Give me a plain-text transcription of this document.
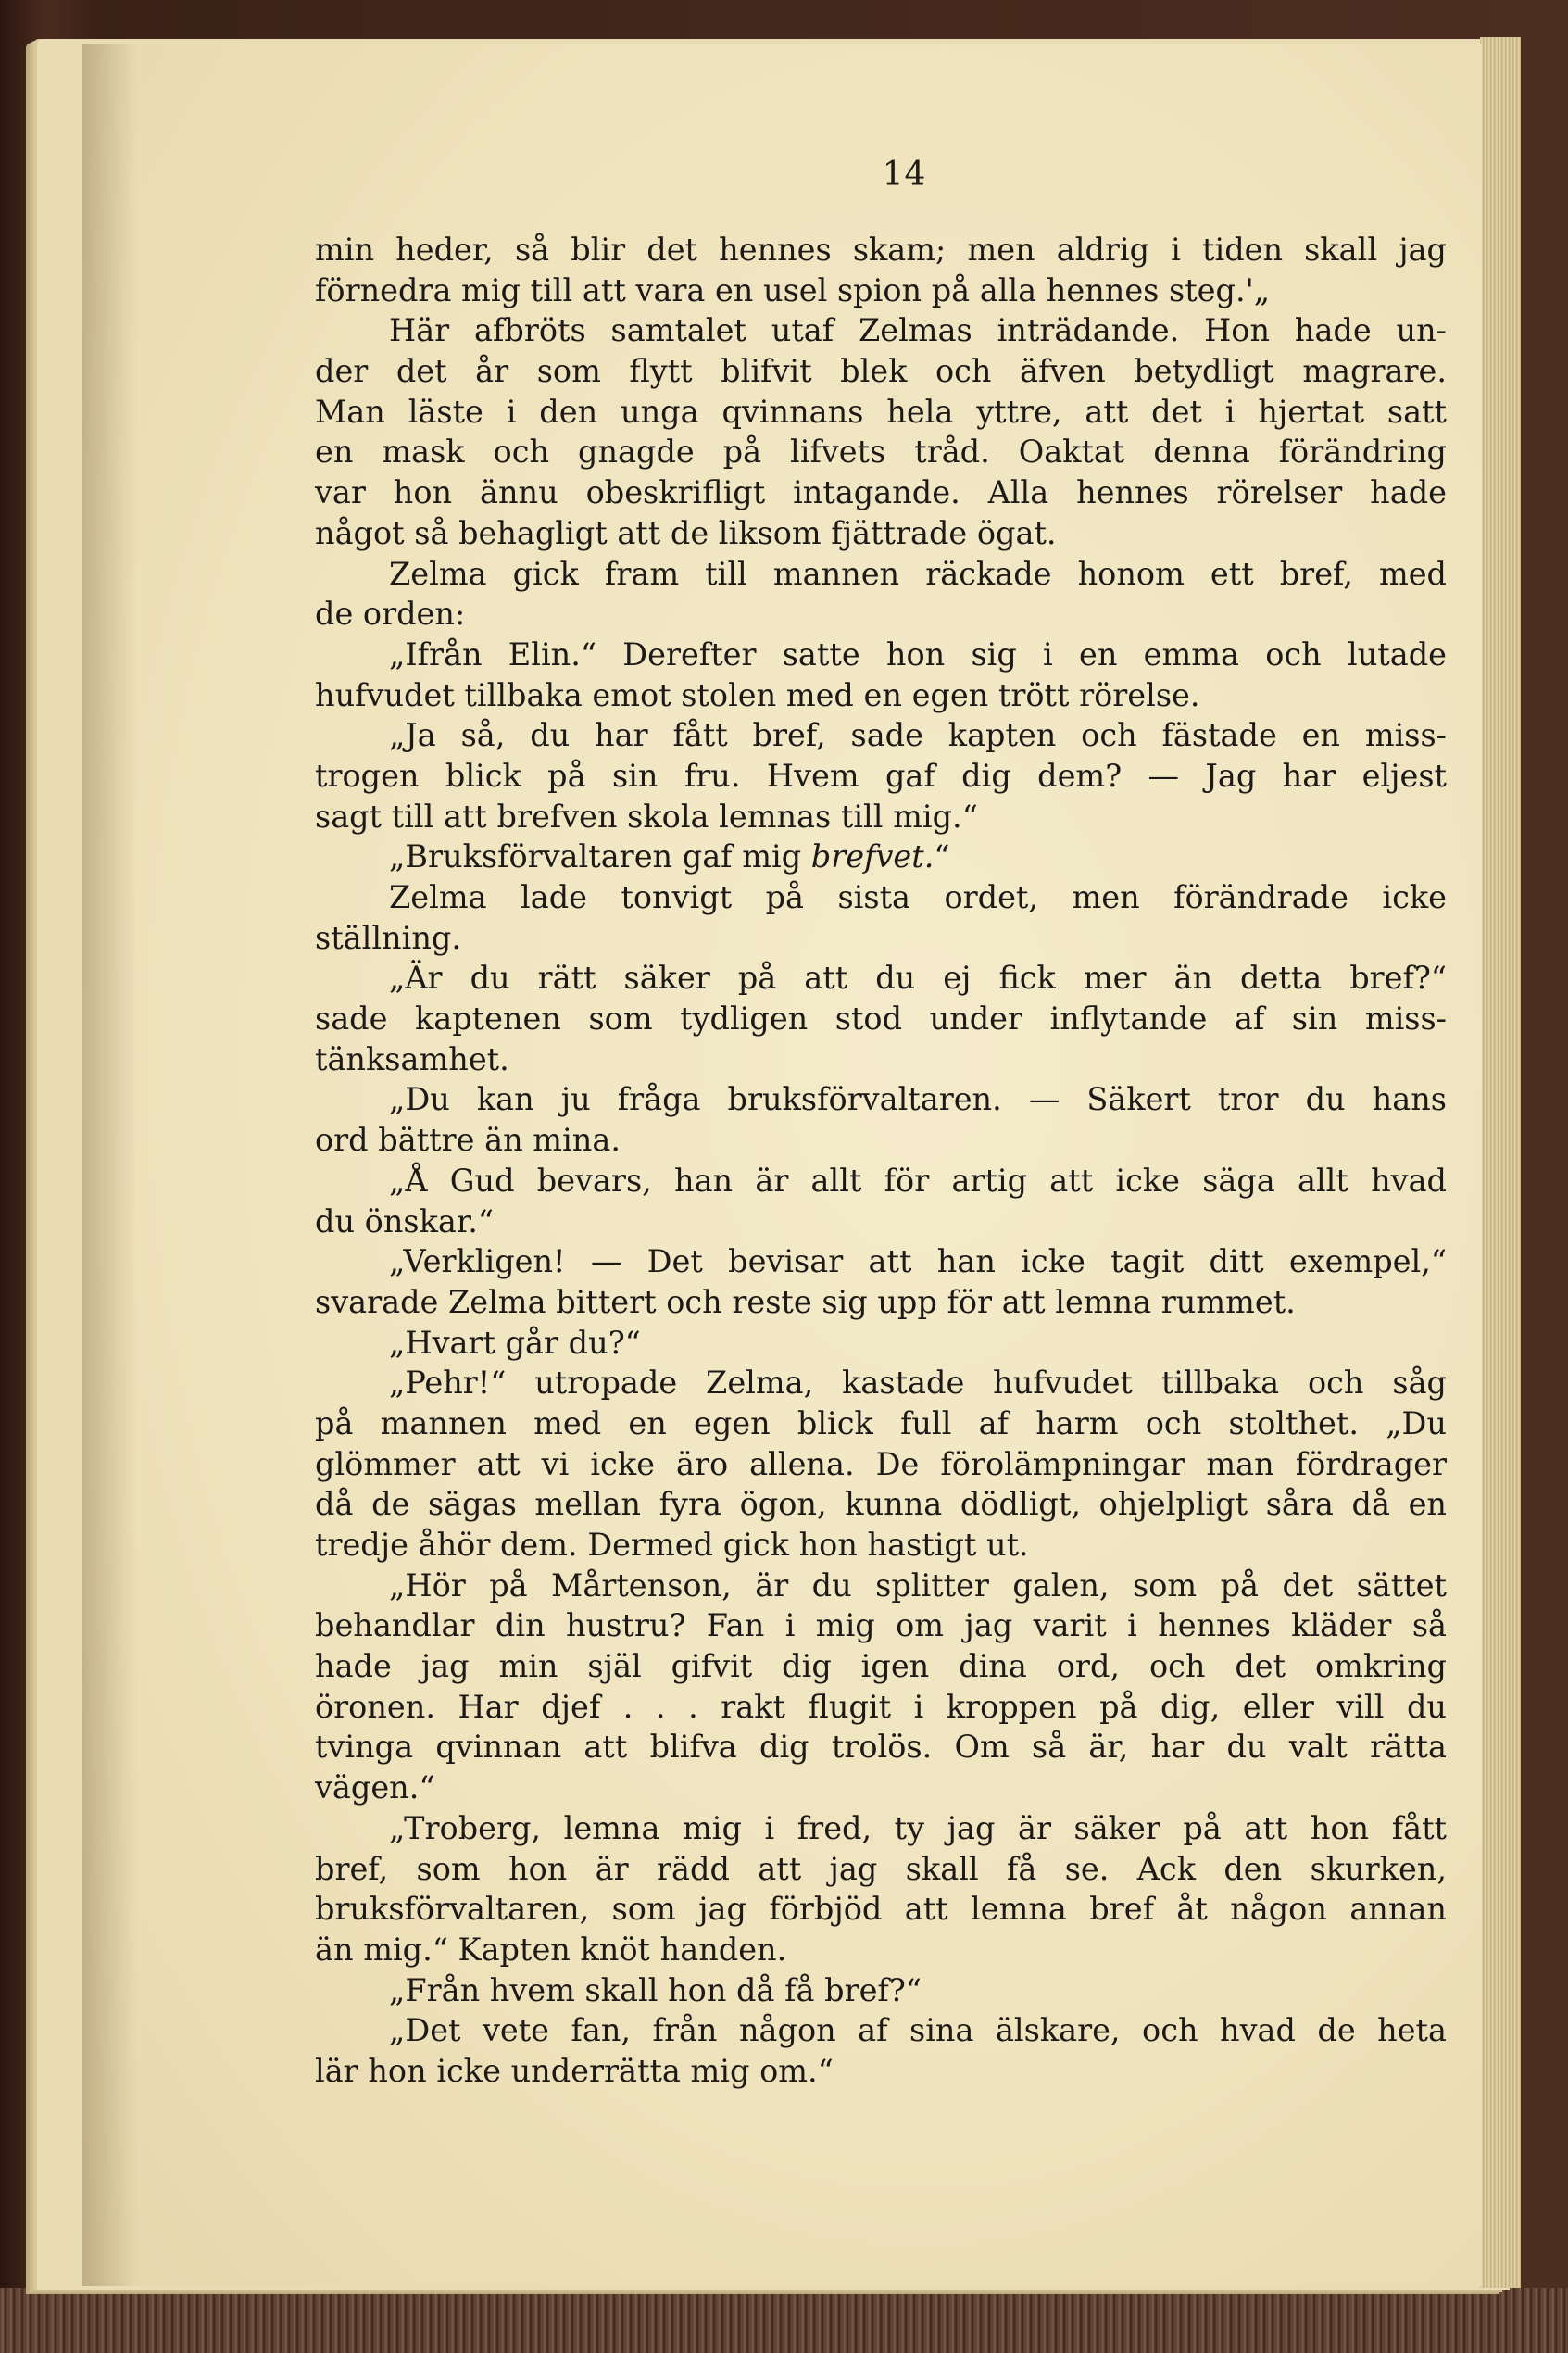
14
min heder, så blir det hennes skam; men aldrig i tiden skall jag
förnedra mig till att vara en usel spion på alla hennes steg.'„
Här afbröts samtalet utaf Zelmas inträdande. Hon hade un-
der det år som flytt blifvit blek och äfven betydligt magrare.
Man läste i den unga qvinnans hela yttre, att det i hjertat satt
en mask och gnagde på lifvets tråd. Oaktat denna förändring
var hon ännu obeskrifligt intagande. Alla hennes rörelser hade
något så behagligt att de liksom fjättrade ögat.
Zelma gick fram till mannen räckade honom ett bref, med
de orden:
„Ifrån Elin.“ Derefter satte hon sig i en emma och lutade
hufvudet tillbaka emot stolen med en egen trött rörelse.
„Ja så, du har fått bref, sade kapten och fästade en miss-
trogen blick på sin fru. Hvem gaf dig dem? — Jag har eljest
sagt till att brefven skola lemnas till mig.“
„Bruksförvaltaren gaf mig brefvet.“
Zelma lade tonvigt på sista ordet, men förändrade icke
ställning.
„Är du rätt säker på att du ej fick mer än detta bref?“
sade kaptenen som tydligen stod under inflytande af sin miss-
tänksamhet.
„Du kan ju fråga bruksförvaltaren. — Säkert tror du hans
ord bättre än mina.
„Å Gud bevars, han är allt för artig att icke säga allt hvad
du önskar.“
„Verkligen! — Det bevisar att han icke tagit ditt exempel,“
svarade Zelma bittert och reste sig upp för att lemna rummet.
„Hvart går du?“
„Pehr!“ utropade Zelma, kastade hufvudet tillbaka och såg
på mannen med en egen blick full af harm och stolthet. „Du
glömmer att vi icke äro allena. De förolämpningar man fördrager
då de sägas mellan fyra ögon, kunna dödligt, ohjelpligt såra då en
tredje åhör dem. Dermed gick hon hastigt ut.
„Hör på Mårtenson, är du splitter galen, som på det sättet
behandlar din hustru? Fan i mig om jag varit i hennes kläder så
hade jag min själ gifvit dig igen dina ord, och det omkring
öronen. Har djef . . . rakt flugit i kroppen på dig, eller vill du
tvinga qvinnan att blifva dig trolös. Om så är, har du valt rätta
vägen.“
„Troberg, lemna mig i fred, ty jag är säker på att hon fått
bref, som hon är rädd att jag skall få se. Ack den skurken,
bruksförvaltaren, som jag förbjöd att lemna bref åt någon annan
än mig.“ Kapten knöt handen.
„Från hvem skall hon då få bref?“
„Det vete fan, från någon af sina älskare, och hvad de heta
lär hon icke underrätta mig om.“
